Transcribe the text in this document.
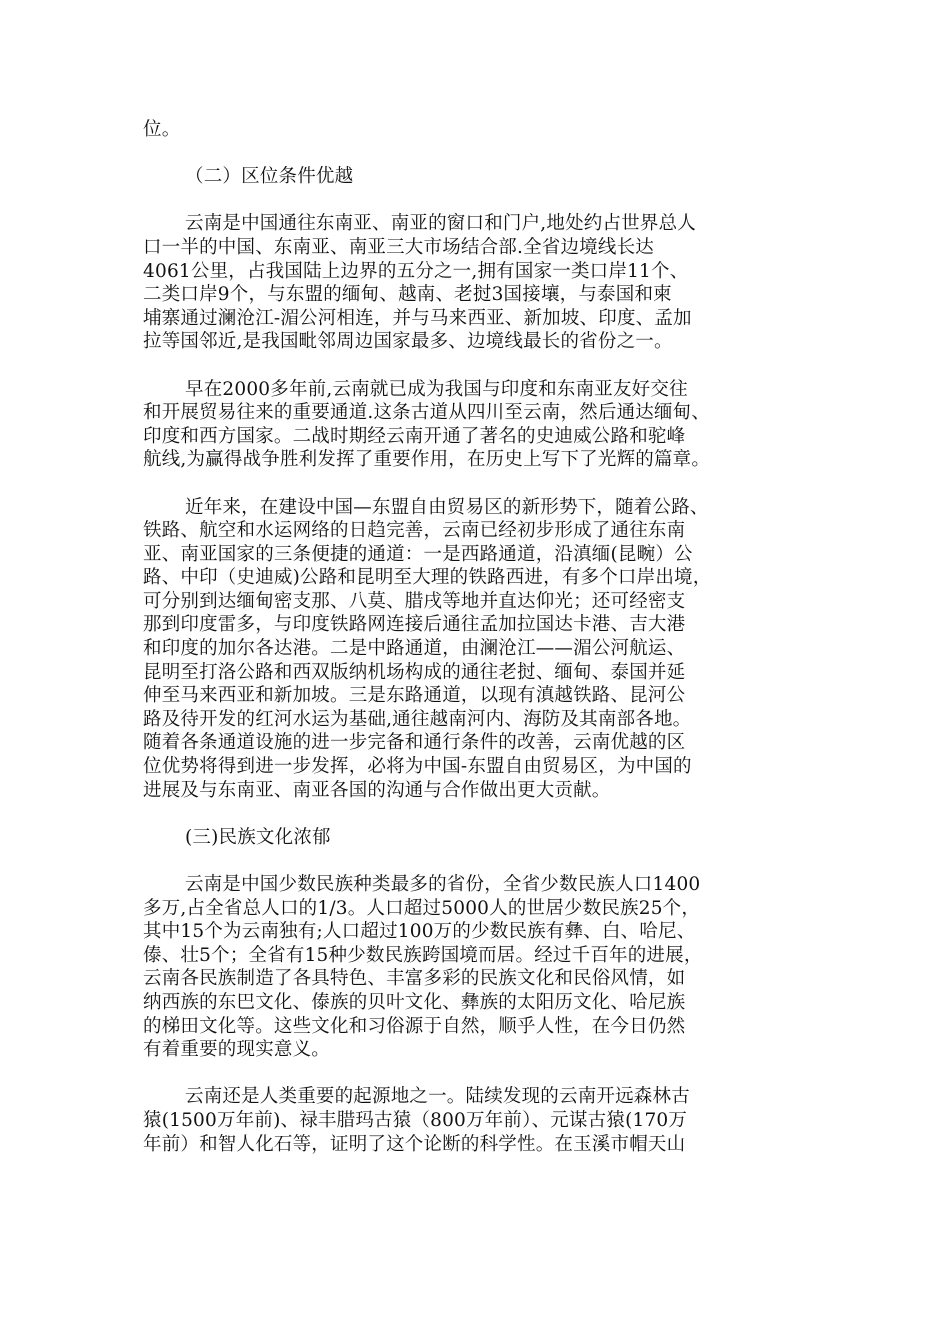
位。
（二）区位条件优越
云南是中国通往东南亚、南亚的窗口和门户,地处约占世界总人
口一半的中国、东南亚、南亚三大市场结合部.全省边境线长达
4061公里，占我国陆上边界的五分之一,拥有国家一类口岸11个、
二类口岸9个，与东盟的缅甸、越南、老挝3国接壤，与泰国和柬
埔寨通过澜沧江-湄公河相连，并与马来西亚、新加坡、印度、孟加
拉等国邻近,是我国毗邻周边国家最多、边境线最长的省份之一。
早在2000多年前,云南就已成为我国与印度和东南亚友好交往
和开展贸易往来的重要通道.这条古道从四川至云南，然后通达缅甸、
印度和西方国家。二战时期经云南开通了著名的史迪威公路和驼峰
航线,为赢得战争胜利发挥了重要作用，在历史上写下了光辉的篇章。
近年来，在建设中国—东盟自由贸易区的新形势下，随着公路、
铁路、航空和水运网络的日趋完善，云南已经初步形成了通往东南
亚、南亚国家的三条便捷的通道：一是西路通道，沿滇缅(昆畹）公
路、中印（史迪威)公路和昆明至大理的铁路西进，有多个口岸出境，
可分别到达缅甸密支那、八莫、腊戌等地并直达仰光；还可经密支
那到印度雷多，与印度铁路网连接后通往孟加拉国达卡港、吉大港
和印度的加尔各达港。二是中路通道，由澜沧江——湄公河航运、
昆明至打洛公路和西双版纳机场构成的通往老挝、缅甸、泰国并延
伸至马来西亚和新加坡。三是东路通道，以现有滇越铁路、昆河公
路及待开发的红河水运为基础,通往越南河内、海防及其南部各地。
随着各条通道设施的进一步完备和通行条件的改善，云南优越的区
位优势将得到进一步发挥，必将为中国-东盟自由贸易区，为中国的
进展及与东南亚、南亚各国的沟通与合作做出更大贡献。
(三)民族文化浓郁
云南是中国少数民族种类最多的省份，全省少数民族人口1400
多万,占全省总人口的1/3。人口超过5000人的世居少数民族25个，
其中15个为云南独有;人口超过100万的少数民族有彝、白、哈尼、
傣、壮5个；全省有15种少数民族跨国境而居。经过千百年的进展，
云南各民族制造了各具特色、丰富多彩的民族文化和民俗风情，如
纳西族的东巴文化、傣族的贝叶文化、彝族的太阳历文化、哈尼族
的梯田文化等。这些文化和习俗源于自然，顺乎人性，在今日仍然
有着重要的现实意义。
云南还是人类重要的起源地之一。陆续发现的云南开远森林古
猿(1500万年前)、禄丰腊玛古猿（800万年前）、元谋古猿(170万
年前）和智人化石等，证明了这个论断的科学性。在玉溪市帽天山
